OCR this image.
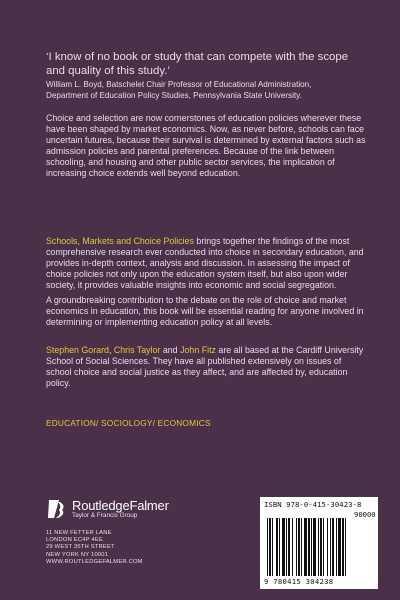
‘I know of no book or study that can compete with the scope and quality of this study.’

William L. Boyd, Batschelet Chair Professor of Educational Administration,
Department of Education Policy Studies, Pennsylvania State University.

Choice and selection are now cornerstones of education policies wherever these have been shaped by market economics. Now, as never before, schools can face uncertain futures, because their survival is determined by external factors such as admission policies and parental preferences. Because of the link between schooling, and housing and other public sector services, the implication of increasing choice extends well beyond education.

Schools, Markets and Choice Policies brings together the findings of the most comprehensive research ever conducted into choice in secondary education, and provides in-depth context, analysis and discussion. In assessing the impact of choice policies not only upon the education system itself, but also upon wider society, it provides valuable insights into economic and social segregation.

A groundbreaking contribution to the debate on the role of choice and market economics in education, this book will be essential reading for anyone involved in determining or implementing education policy at all levels.

Stephen Gorard, Chris Taylor and John Fitz are all based at the Cardiff University School of Social Sciences. They have all published extensively on issues of school choice and social justice as they affect, and are affected by, education policy.

EDUCATION/ SOCIOLOGY/ ECONOMICS
RoutledgeFalmer
Taylor & Francis Group
11 NEW FETTER LANE
LONDON EC4P 4EE
29 WEST 35TH STREET
NEW YORK NY 10001
WWW.ROUTLEDGEFALMER.COM
ISBN 978-0-415-30423-8
90000
9 780415 304238
